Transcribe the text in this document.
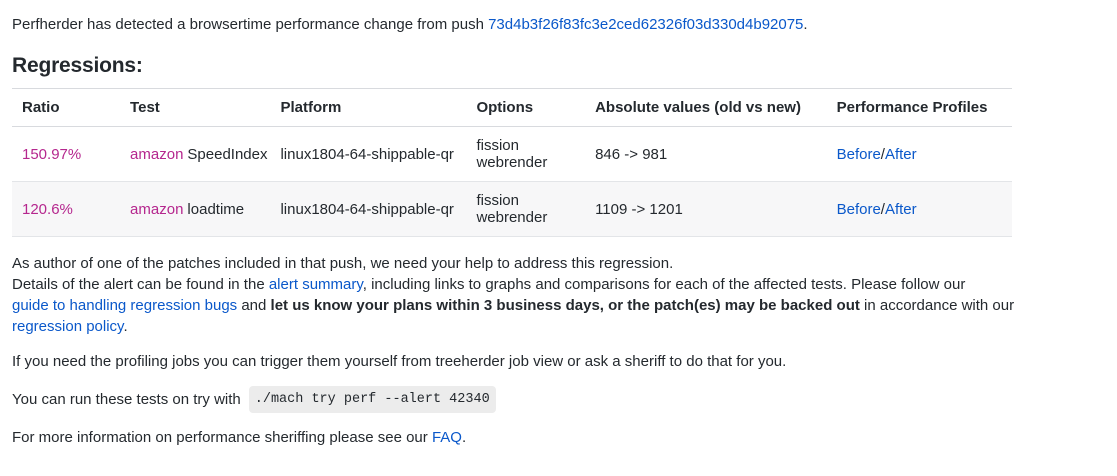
Perfherder has detected a browsertime performance change from push 73d4b3f26f83fc3e2ced62326f03d330d4b92075.

Regressions:
Ratio	Test	Platform	Options	Absolute values (old vs new)	Performance Profiles
150.97%	amazon SpeedIndex	linux1804-64-shippable-qr	fission webrender	846 -> 981	Before/After
120.6%	amazon loadtime	linux1804-64-shippable-qr	fission webrender	1109 -> 1201	Before/After

As author of one of the patches included in that push, we need your help to address this regression.

Details of the alert can be found in the alert summary, including links to graphs and comparisons for each of the affected tests. Please follow our

guide to handling regression bugs and let us know your plans within 3 business days, or the patch(es) may be backed out in accordance with our

regression policy.

If you need the profiling jobs you can trigger them yourself from treeherder job view or ask a sheriff to do that for you.

You can run these tests on try with	./mach try perf --alert 42340

For more information on performance sheriffing please see our FAQ.
